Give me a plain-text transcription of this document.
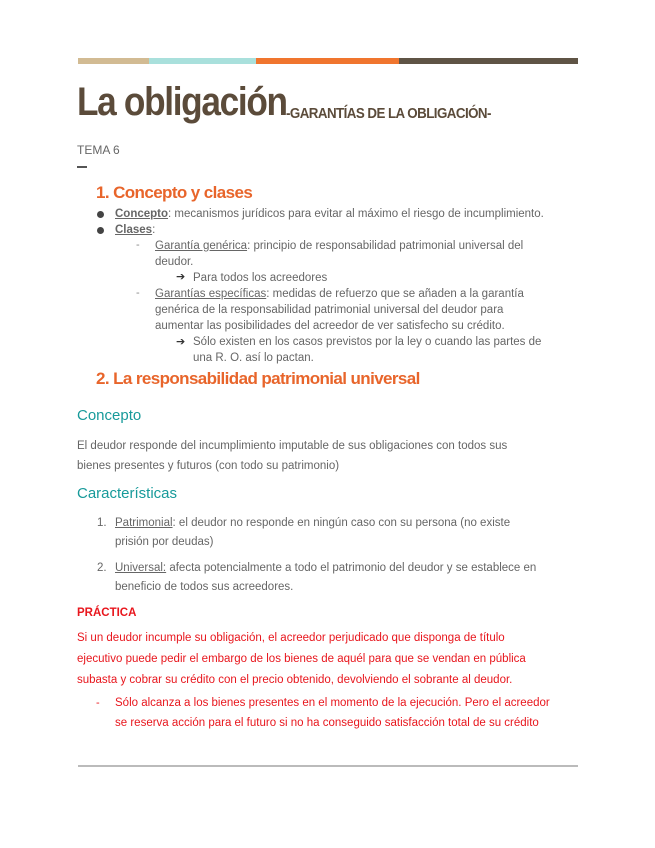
La obligación -GARANTÍAS DE LA OBLIGACIÓN-
TEMA 6
1. Concepto y clases
Concepto: mecanismos jurídicos para evitar al máximo el riesgo de incumplimiento.
Clases:
- Garantía genérica: principio de responsabilidad patrimonial universal del
deudor.
➔ Para todos los acreedores
- Garantías específicas: medidas de refuerzo que se añaden a la garantía
genérica de la responsabilidad patrimonial universal del deudor para
aumentar las posibilidades del acreedor de ver satisfecho su crédito.
➔ Sólo existen en los casos previstos por la ley o cuando las partes de
una R. O. así lo pactan.
2. La responsabilidad patrimonial universal
Concepto
El deudor responde del incumplimiento imputable de sus obligaciones con todos sus
bienes presentes y futuros (con todo su patrimonio)
Características
1. Patrimonial: el deudor no responde en ningún caso con su persona (no existe
prisión por deudas)
2. Universal: afecta potencialmente a todo el patrimonio del deudor y se establece en
beneficio de todos sus acreedores.
PRÁCTICA
Si un deudor incumple su obligación, el acreedor perjudicado que disponga de título
ejecutivo puede pedir el embargo de los bienes de aquél para que se vendan en pública
subasta y cobrar su crédito con el precio obtenido, devolviendo el sobrante al deudor.
- Sólo alcanza a los bienes presentes en el momento de la ejecución. Pero el acreedor
se reserva acción para el futuro si no ha conseguido satisfacción total de su crédito
